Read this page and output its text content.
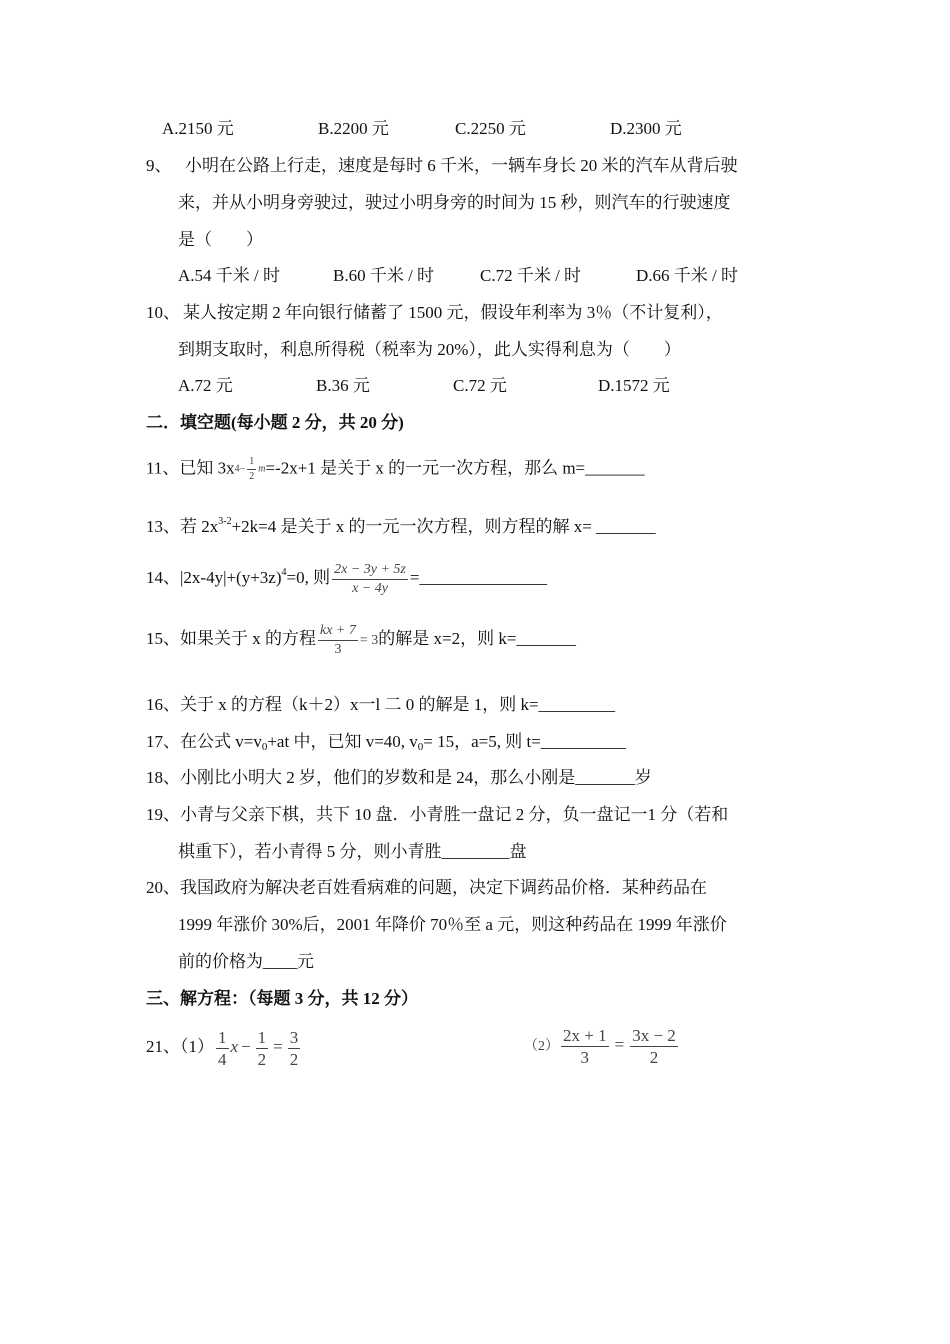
A.2150 元	B.2200 元	C.2250 元	D.2300 元
9、 小明在公路上行走，速度是每时 6 千米，一辆车身长 20 米的汽车从背后驶
来，并从小明身旁驶过，驶过小明身旁的时间为 15 秒，则汽车的行驶速度
是（　　）
A.54 千米 / 时	B.60 千米 / 时	C.72 千米 / 时	D.66 千米 / 时
10、 某人按定期 2 年向银行储蓄了 1500 元，假设年利率为 3％（不计复利），
到期支取时，利息所得税（税率为 20%），此人实得利息为（　　）
A.72 元	B.36 元	C.72 元	D.1572 元
二．填空题(每小题 2 分，共 20 分)
11、已知 $3x4- \frac{1}{2} m=-2x+1$ 是关于 x 的一元一次方程，那么 m=_______
13、若 $2x^{3-2}+2k=4$ 是关于 x 的一元一次方程，则方程的解 x= _______
14、$|2x-4y|+(y+3z)^4=0$, 则 $\frac{2x - 3y + 5z}{x - 4y}$ =_______________
15、如果关于 x 的方程 $\frac{kx + 7}{3} = 3$的解是 x=2，则 k=_______
16、关于 x 的方程（k＋2）x一l 二 0 的解是 1，则 k=_________
17、在公式 $v=v_0+at$ 中，已知 v=40, $v_0= 15$，a=5, 则 t=__________
18、小刚比小明大 2 岁，他们的岁数和是 24，那么小刚是_______岁
19、小青与父亲下棋，共下 10 盘．小青胜一盘记 2 分，负一盘记一1 分（若和
棋重下），若小青得 5 分，则小青胜________盘
20、我国政府为解决老百姓看病难的问题，决定下调药品价格．某种药品在
1999 年涨价 30%后，2001 年降价 70％至 a 元，则这种药品在 1999 年涨价
前的价格为____元
三、解方程：（每题 3 分，共 12 分）
21、$(1) \frac{1}{4}$ $x - \frac{1}{2} = \frac{3}{2}$	$(2) \frac{2x + 1}{3} = \frac{3x - 2}{2}$
